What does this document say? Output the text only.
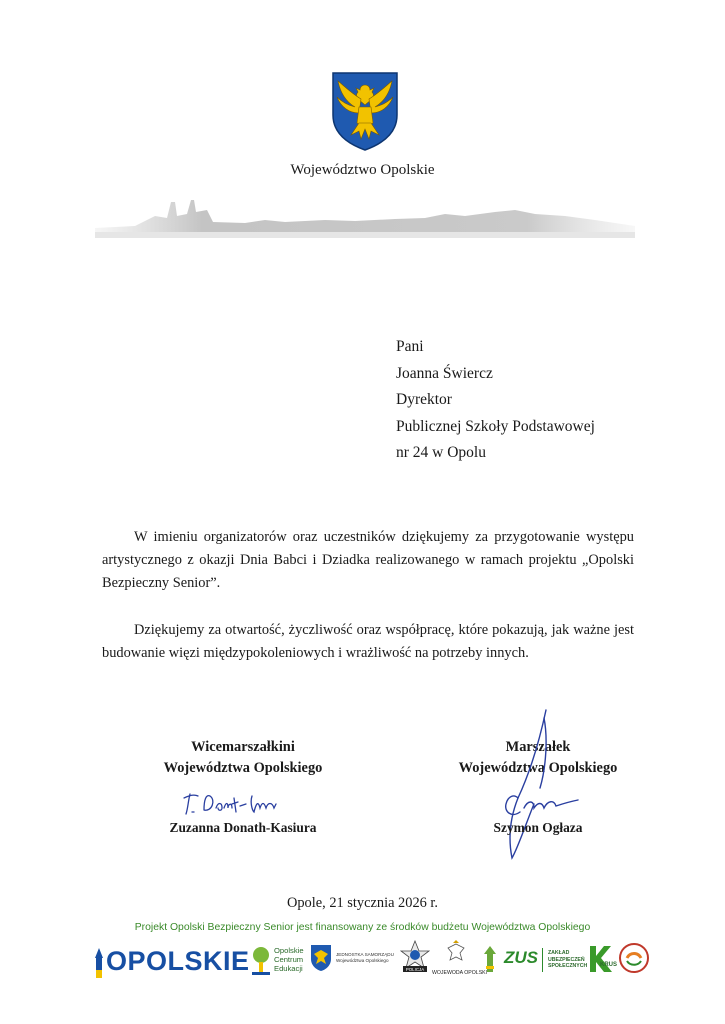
Województwo Opolskie
Pani
Joanna Świercz
Dyrektor
Publicznej Szkoły Podstawowej
nr 24 w Opolu
W imieniu organizatorów oraz uczestników dziękujemy za przygotowanie występu artystycznego z okazji Dnia Babci i Dziadka realizowanego w ramach projektu „Opolski Bezpieczny Senior”.
Dziękujemy za otwartość, życzliwość oraz współpracę, które pokazują, jak ważne jest budowanie więzi międzypokoleniowych i wrażliwość na potrzeby innych.
Wicemarszałkini
Województwa Opolskiego
Marszałek
Województwa Opolskiego
Zuzanna Donath-Kasiura	Szymon Ogłaza
Opole, 21 stycznia 2026 r.
Projekt Opolski Bezpieczny Senior jest finansowany ze środków budżetu Województwa Opolskiego
OPOLSKIE	Opolskie
Centrum
Edukacji
JEDNOSTKA SAMORZĄDU
Województwa Opolskiego
POLICJA
WOJEWODA OPOLSKI
ZUS ZAKŁAD
UBEZPIECZEŃ
SPOŁECZNYCH KRUS
